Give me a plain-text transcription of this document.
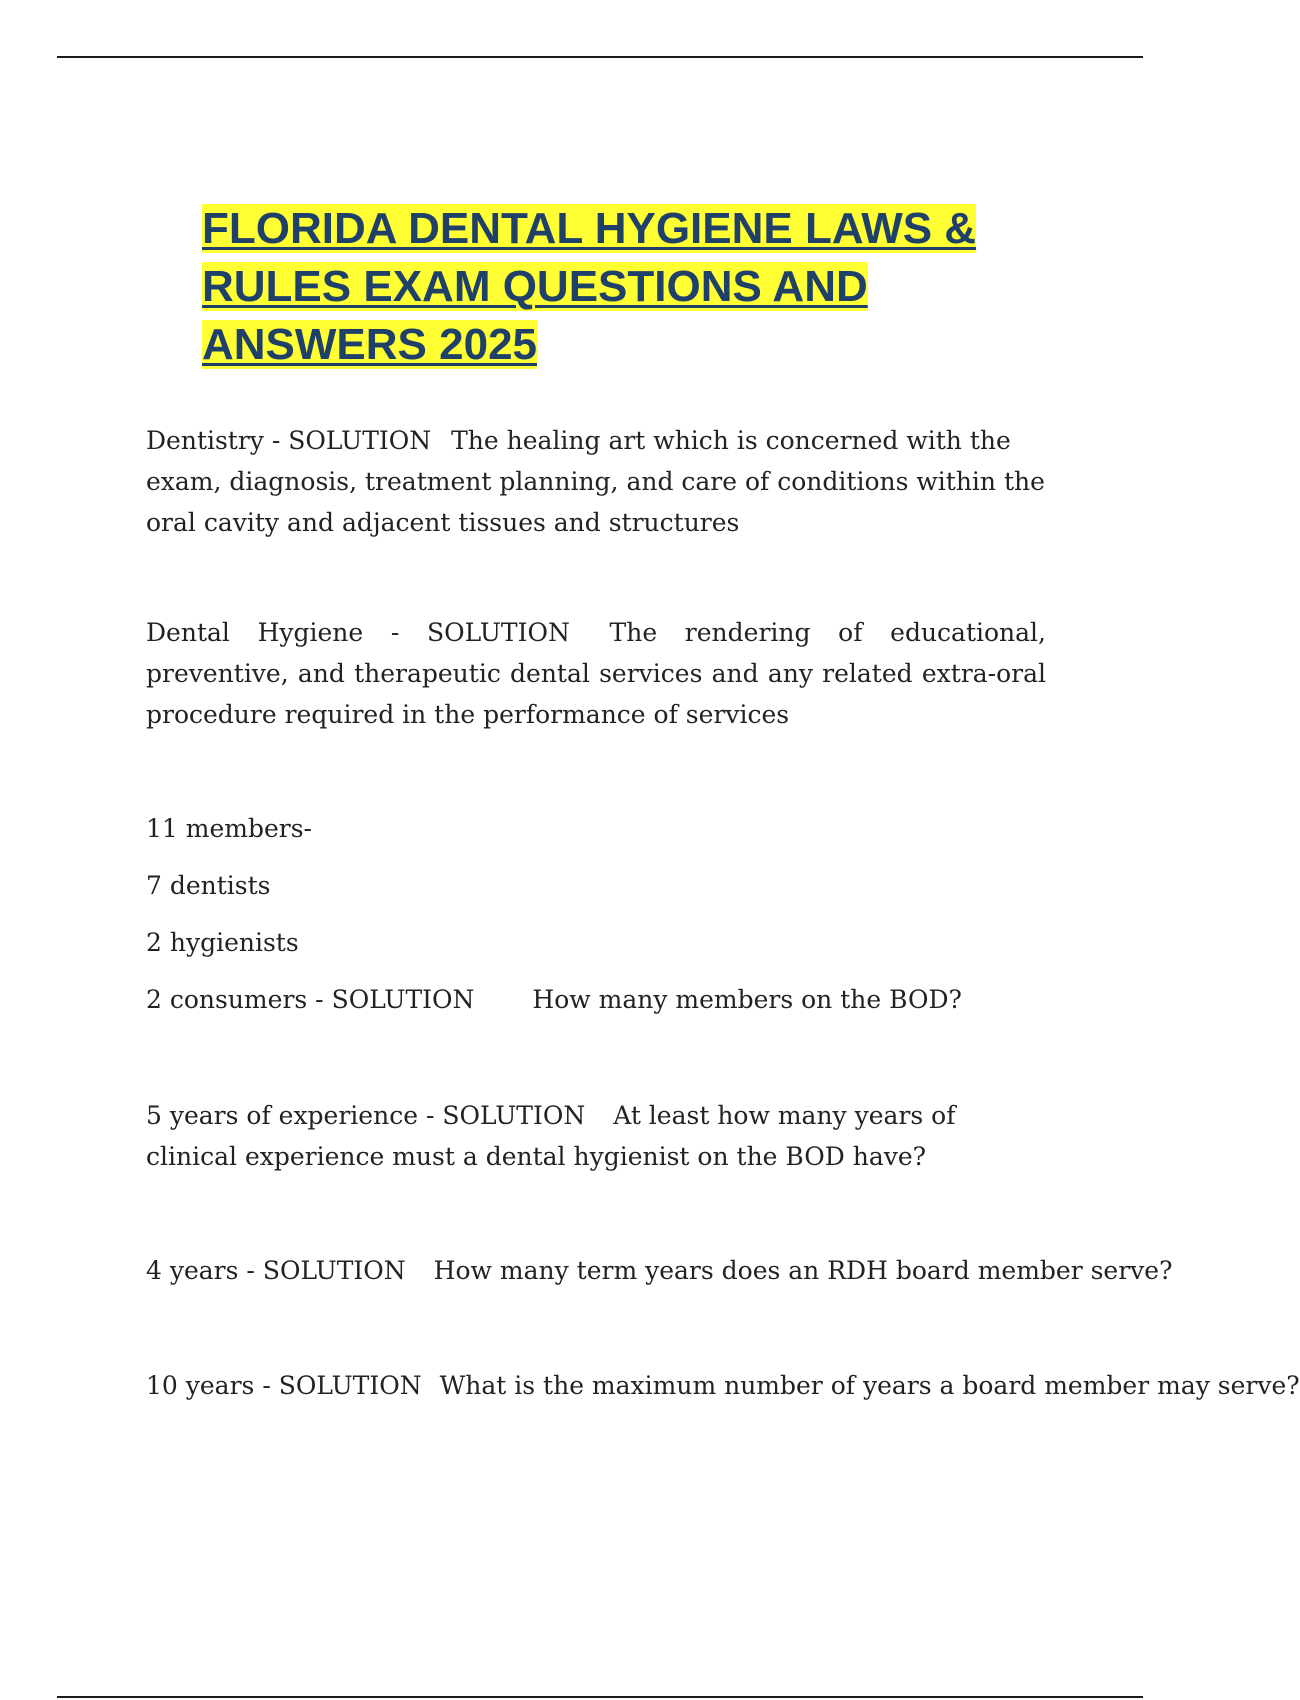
FLORIDA DENTAL HYGIENE LAWS &
RULES EXAM QUESTIONS AND
ANSWERS 2025

Dentistry - SOLUTION The healing art which is concerned with the exam, diagnosis, treatment planning, and care of conditions within the oral cavity and adjacent tissues and structures

Dental Hygiene - SOLUTION The rendering of educational, preventive, and therapeutic dental services and any related extra-oral procedure required in the performance of services

11 members-

7 dentists

2 hygienists

2 consumers - SOLUTION How many members on the BOD?

5 years of experience - SOLUTION At least how many years of clinical experience must a dental hygienist on the BOD have?

4 years - SOLUTION How many term years does an RDH board member serve?

10 years - SOLUTION What is the maximum number of years a board member may serve?
